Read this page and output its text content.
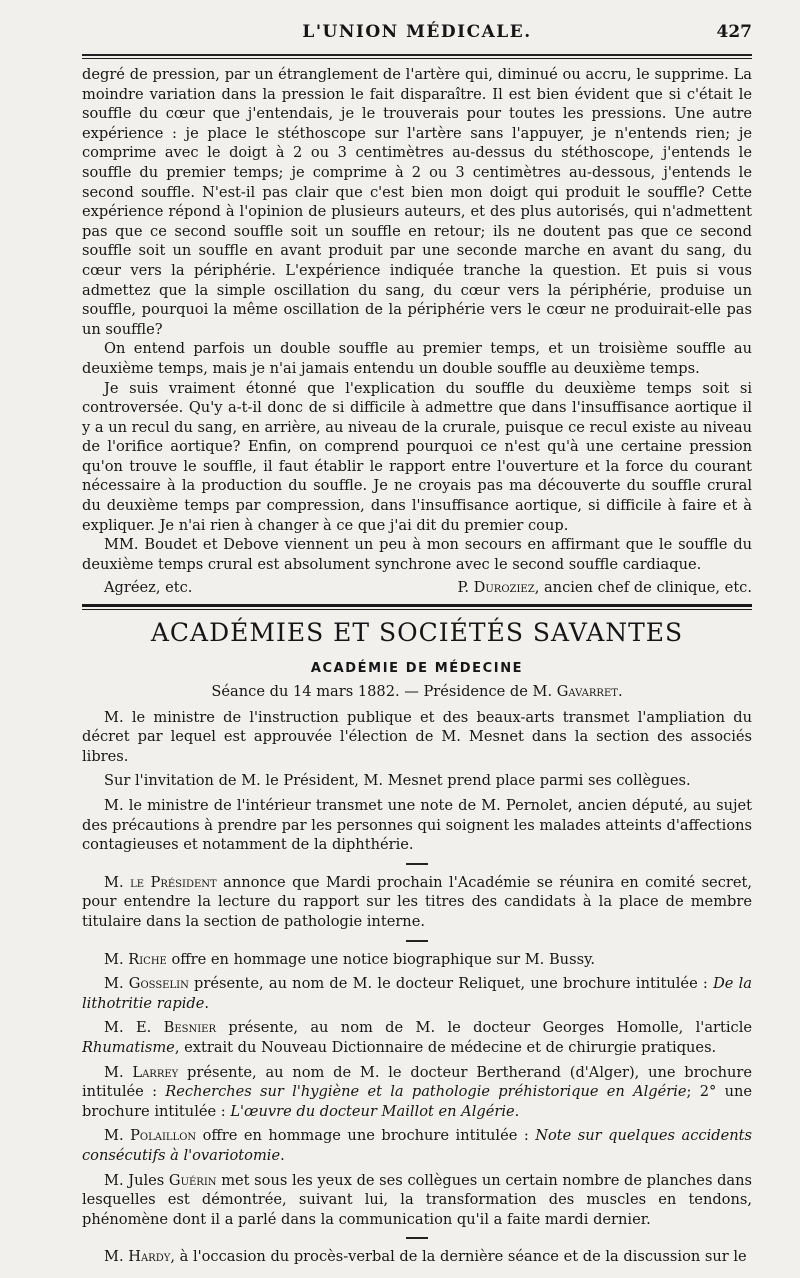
L'UNION MÉDICALE.	427

degré de pression, par un étranglement de l'artère qui, diminué ou accru, le supprime. La moindre variation dans la pression le fait disparaître. Il est bien évident que si c'était le souffle du cœur que j'entendais, je le trouverais pour toutes les pressions. Une autre expérience : je place le stéthoscope sur l'artère sans l'appuyer, je n'entends rien; je comprime avec le doigt à 2 ou 3 centimètres au-dessus du stéthoscope, j'entends le souffle du premier temps; je comprime à 2 ou 3 centimètres au-dessous, j'entends le second souffle. N'est-il pas clair que c'est bien mon doigt qui produit le souffle? Cette expérience répond à l'opinion de plusieurs auteurs, et des plus autorisés, qui n'admettent pas que ce second souffle soit un souffle en retour; ils ne doutent pas que ce second souffle soit un souffle en avant produit par une seconde marche en avant du sang, du cœur vers la périphérie. L'expérience indiquée tranche la question. Et puis si vous admettez que la simple oscillation du sang, du cœur vers la périphérie, produise un souffle, pourquoi la même oscillation de la périphérie vers le cœur ne produirait-elle pas un souffle?

On entend parfois un double souffle au premier temps, et un troisième souffle au deuxième temps, mais je n'ai jamais entendu un double souffle au deuxième temps.

Je suis vraiment étonné que l'explication du souffle du deuxième temps soit si controversée. Qu'y a-t-il donc de si difficile à admettre que dans l'insuffisance aortique il y a un recul du sang, en arrière, au niveau de la crurale, puisque ce recul existe au niveau de l'orifice aortique? Enfin, on comprend pourquoi ce n'est qu'à une certaine pression qu'on trouve le souffle, il faut établir le rapport entre l'ouverture et la force du courant nécessaire à la production du souffle. Je ne croyais pas ma découverte du souffle crural du deuxième temps par compression, dans l'insuffisance aortique, si difficile à faire et à expliquer. Je n'ai rien à changer à ce que j'ai dit du premier coup.

MM. Boudet et Debove viennent un peu à mon secours en affirmant que le souffle du deuxième temps crural est absolument synchrone avec le second souffle cardiaque.

Agréez, etc.	P. Duroziez, ancien chef de clinique, etc.
ACADÉMIES ET SOCIÉTÉS SAVANTES
ACADÉMIE DE MÉDECINE
Séance du 14 mars 1882. — Présidence de M. Gavarret.

M. le ministre de l'instruction publique et des beaux-arts transmet l'ampliation du décret par lequel est approuvée l'élection de M. Mesnet dans la section des associés libres.

Sur l'invitation de M. le Président, M. Mesnet prend place parmi ses collègues.

M. le ministre de l'intérieur transmet une note de M. Pernolet, ancien député, au sujet des précautions à prendre par les personnes qui soignent les malades atteints d'affections contagieuses et notamment de la diphthérie.

M. le Président annonce que Mardi prochain l'Académie se réunira en comité secret, pour entendre la lecture du rapport sur les titres des candidats à la place de membre titulaire dans la section de pathologie interne.

M. Riche offre en hommage une notice biographique sur M. Bussy.

M. Gosselin présente, au nom de M. le docteur Reliquet, une brochure intitulée : De la lithotritie rapide.

M. E. Besnier présente, au nom de M. le docteur Georges Homolle, l'article Rhumatisme, extrait du Nouveau Dictionnaire de médecine et de chirurgie pratiques.

M. Larrey présente, au nom de M. le docteur Bertherand (d'Alger), une brochure intitulée : Recherches sur l'hygiène et la pathologie préhistorique en Algérie; 2° une brochure intitulée : L'œuvre du docteur Maillot en Algérie.

M. Polaillon offre en hommage une brochure intitulée : Note sur quelques accidents consécutifs à l'ovariotomie.

M. Jules Guérin met sous les yeux de ses collègues un certain nombre de planches dans lesquelles est démontrée, suivant lui, la transformation des muscles en tendons, phénomène dont il a parlé dans la communication qu'il a faite mardi dernier.

M. Hardy, à l'occasion du procès-verbal de la dernière séance et de la discussion sur le
